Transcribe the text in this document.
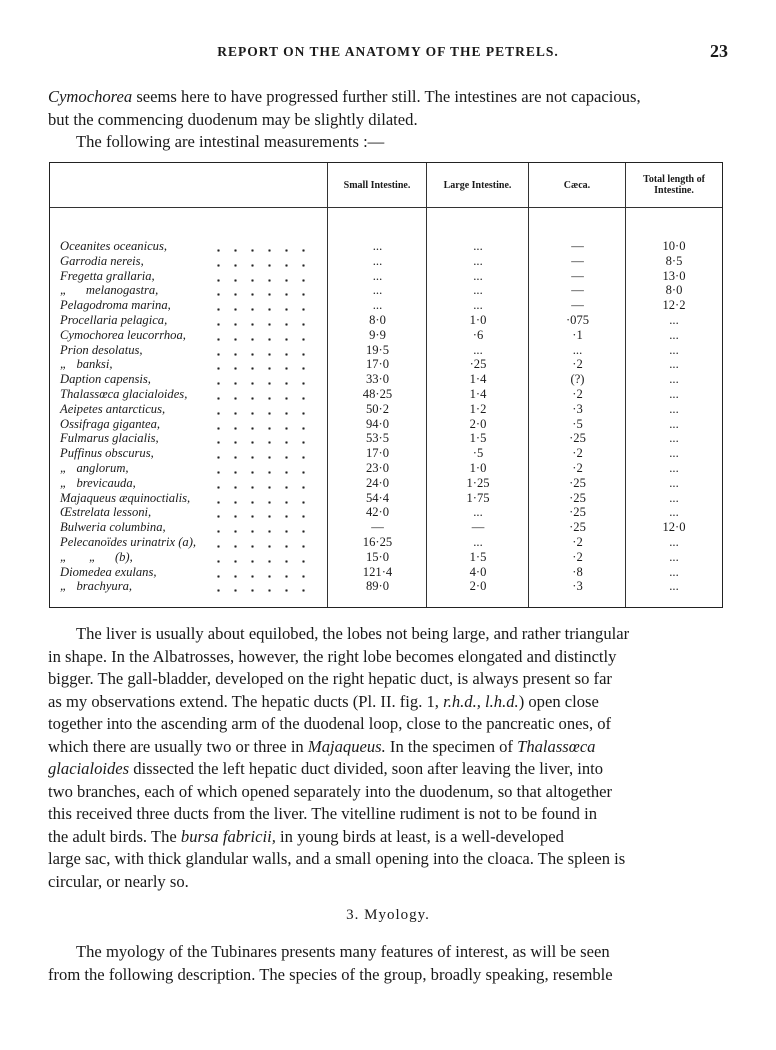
REPORT ON THE ANATOMY OF THE PETRELS.	23
Cymochorea seems here to have progressed further still. The intestines are not capacious,
but the commencing duodenum may be slightly dilated.
The following are intestinal measurements :—
Small Intestine.	Large Intestine.	Cæca.	Total length of Intestine.
Oceanites oceanicus,	...	...	—	10·0
Garrodia nereis,	...	...	—	8·5
Fregetta grallaria,	...	...	—	13·0
„      melanogastra,	...	...	—	8·0
Pelagodroma marina,	...	...	—	12·2
Procellaria pelagica,	8·0	1·0	·075	...
Cymochorea leucorrhoa,	9·9	·6	·1	...
Prion desolatus,	19·5	...	...	...
„   banksi,	17·0	·25	·2	...
Daption capensis,	33·0	1·4	(?)	...
Thalassœca glacialoides,	48·25	1·4	·2	...
Aeipetes antarcticus,	50·2	1·2	·3	...
Ossifraga gigantea,	94·0	2·0	·5	...
Fulmarus glacialis,	53·5	1·5	·25	...
Puffinus obscurus,	17·0	·5	·2	...
„   anglorum,	23·0	1·0	·2	...
„   brevicauda,	24·0	1·25	·25	...
Majaqueus æquinoctialis,	54·4	1·75	·25	...
Œstrelata lessoni,	42·0	...	·25	...
Bulweria columbina,	—	—	·25	12·0
Pelecanoïdes urinatrix (a),	16·25	...	·2	...
„       „      (b),	15·0	1·5	·2	...
Diomedea exulans,	121·4	4·0	·8	...
„   brachyura,	89·0	2·0	·3	...
The liver is usually about equilobed, the lobes not being large, and rather triangular
in shape. In the Albatrosses, however, the right lobe becomes elongated and distinctly
bigger. The gall-bladder, developed on the right hepatic duct, is always present so far
as my observations extend. The hepatic ducts (Pl. II. fig. 1, r.h.d., l.h.d.) open close
together into the ascending arm of the duodenal loop, close to the pancreatic ones, of
which there are usually two or three in Majaqueus. In the specimen of Thalassœca
glacialoides dissected the left hepatic duct divided, soon after leaving the liver, into
two branches, each of which opened separately into the duodenum, so that altogether
this received three ducts from the liver. The vitelline rudiment is not to be found in
the adult birds. The bursa fabricii, in young birds at least, is a well-developed
large sac, with thick glandular walls, and a small opening into the cloaca. The spleen is
circular, or nearly so.
3. Myology.
The myology of the Tubinares presents many features of interest, as will be seen
from the following description. The species of the group, broadly speaking, resemble
